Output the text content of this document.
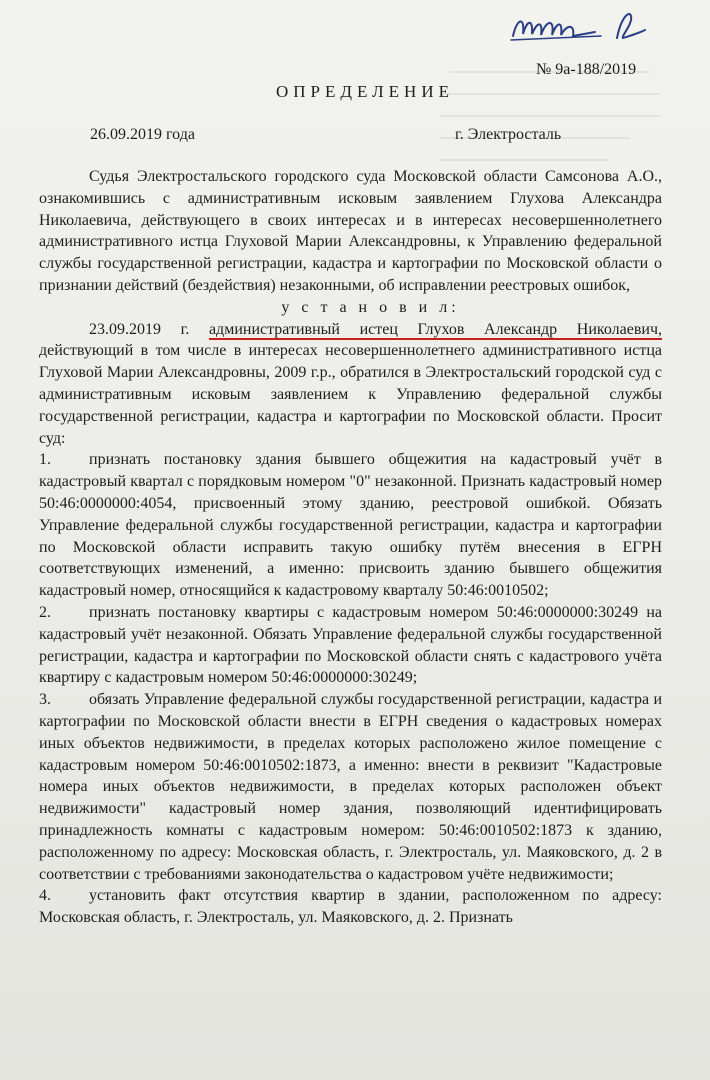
№ 9а-188/2019
ОПРЕДЕЛЕНИЕ
26.09.2019 года	г. Электросталь

Судья Электростальского городского суда Московской области Самсонова А.О., ознакомившись с административным исковым заявлением Глухова Александра Николаевича, действующего в своих интересах и в интересах несовершеннолетнего административного истца Глуховой Марии Александровны, к Управлению федеральной службы государственной регистрации, кадастра и картографии по Московской области о признании действий (бездействия) незаконными, об исправлении реестровых ошибок,

у с т а н о в и л:

23.09.2019 г. административный истец Глухов Александр Николаевич, действующий в том числе в интересах несовершеннолетнего административного истца Глуховой Марии Александровны, 2009 г.р., обратился в Электростальский городской суд с административным исковым заявлением к Управлению федеральной службы государственной регистрации, кадастра и картографии по Московской области. Просит суд:

1. признать постановку здания бывшего общежития на кадастровый учёт в кадастровый квартал с порядковым номером "0" незаконной. Признать кадастровый номер 50:46:0000000:4054, присвоенный этому зданию, реестровой ошибкой. Обязать Управление федеральной службы государственной регистрации, кадастра и картографии по Московской области исправить такую ошибку путём внесения в ЕГРН соответствующих изменений, а именно: присвоить зданию бывшего общежития кадастровый номер, относящийся к кадастровому кварталу 50:46:0010502;

2. признать постановку квартиры с кадастровым номером 50:46:0000000:30249 на кадастровый учёт незаконной. Обязать Управление федеральной службы государственной регистрации, кадастра и картографии по Московской области снять с кадастрового учёта квартиру с кадастровым номером 50:46:0000000:30249;

3. обязать Управление федеральной службы государственной регистрации, кадастра и картографии по Московской области внести в ЕГРН сведения о кадастровых номерах иных объектов недвижимости, в пределах которых расположено жилое помещение с кадастровым номером 50:46:0010502:1873, а именно: внести в реквизит "Кадастровые номера иных объектов недвижимости, в пределах которых расположен объект недвижимости" кадастровый номер здания, позволяющий идентифицировать принадлежность комнаты с кадастровым номером: 50:46:0010502:1873 к зданию, расположенному по адресу: Московская область, г. Электросталь, ул. Маяковского, д. 2 в соответствии с требованиями законодательства о кадастровом учёте недвижимости;

4. установить факт отсутствия квартир в здании, расположенном по адресу: Московская область, г. Электросталь, ул. Маяковского, д. 2. Признать
